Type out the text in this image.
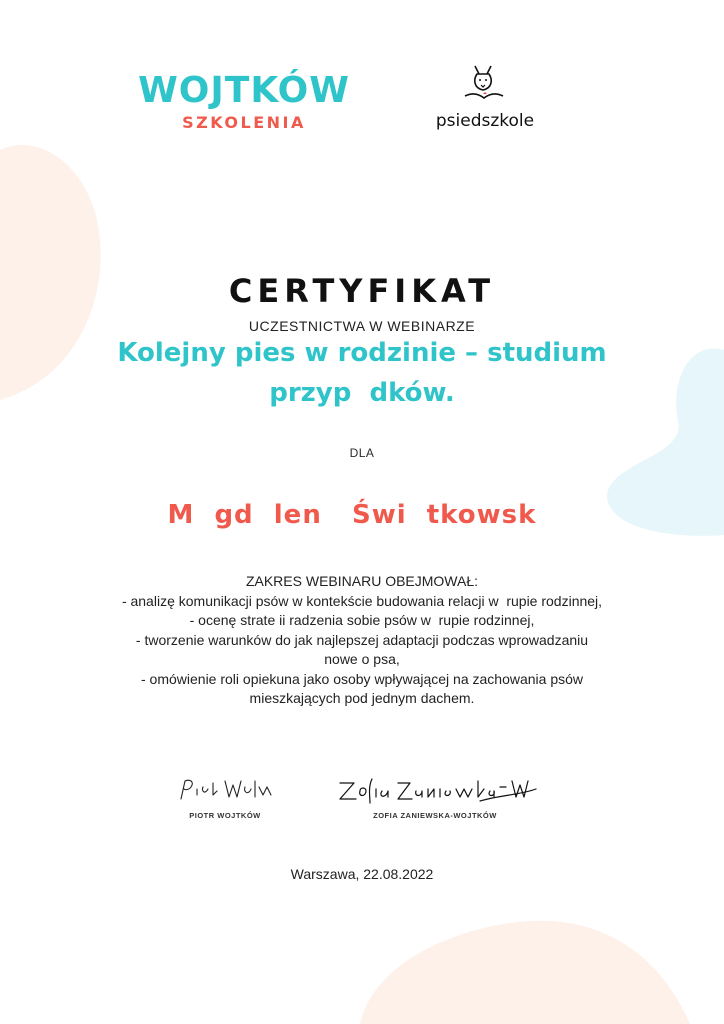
WOJTKÓW
SZKOLENIA	psiedszkole
CERTYFIKAT
UCZESTNICTWA W WEBINARZE
Kolejny pies w rodzinie – studium
przyp  dków.
DLA
M  gd  len   Świ  tkowsk
ZAKRES WEBINARU OBEJMOWAŁ:
- analizę komunikacji psów w kontekście budowania relacji w  rupie rodzinnej,
- ocenę strate ii radzenia sobie psów w  rupie rodzinnej,
- tworzenie warunków do jak najlepszej adaptacji podczas wprowadzaniu
nowe o psa,
- omówienie roli opiekuna jako osoby wpływającej na zachowania psów
mieszkających pod jednym dachem.
PIOTR WOJTKÓW	ZOFIA ZANIEWSKA-WOJTKÓW
Warszawa, 22.08.2022
